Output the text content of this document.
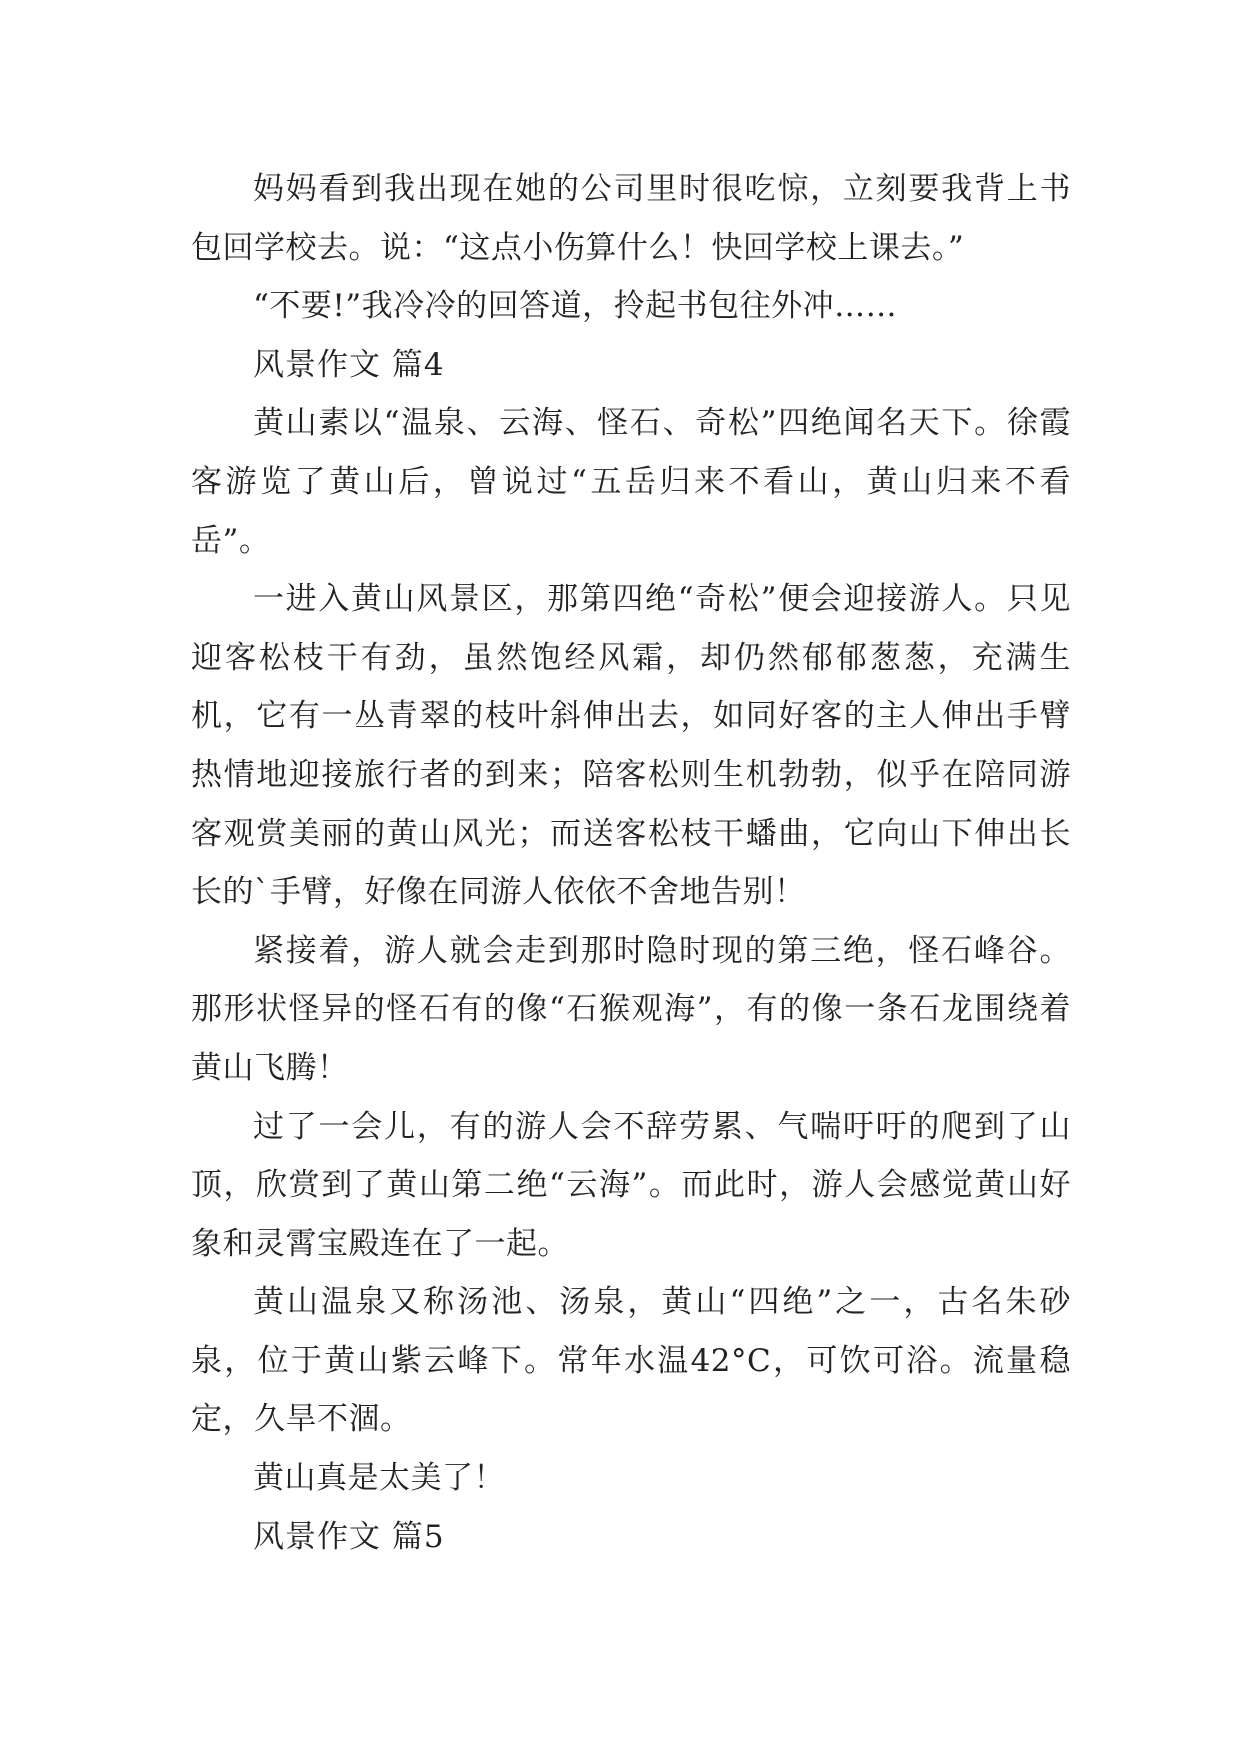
妈妈看到我出现在她的公司里时很吃惊，立刻要我背上书包回学校去。说：“这点小伤算什么！快回学校上课去。”

“不要!”我冷冷的回答道，拎起书包往外冲……

风景作文 篇4

黄山素以“温泉、云海、怪石、奇松”四绝闻名天下。徐霞客游览了黄山后，曾说过“五岳归来不看山，黄山归来不看岳”。

一进入黄山风景区，那第四绝“奇松”便会迎接游人。只见迎客松枝干有劲，虽然饱经风霜，却仍然郁郁葱葱，充满生机，它有一丛青翠的枝叶斜伸出去，如同好客的主人伸出手臂热情地迎接旅行者的到来；陪客松则生机勃勃，似乎在陪同游客观赏美丽的黄山风光；而送客松枝干蟠曲，它向山下伸出长长的`手臂，好像在同游人依依不舍地告别！

紧接着，游人就会走到那时隐时现的第三绝，怪石峰谷。那形状怪异的怪石有的像“石猴观海”，有的像一条石龙围绕着黄山飞腾！

过了一会儿，有的游人会不辞劳累、气喘吁吁的爬到了山顶，欣赏到了黄山第二绝“云海”。而此时，游人会感觉黄山好象和灵霄宝殿连在了一起。

黄山温泉又称汤池、汤泉，黄山“四绝”之一，古名朱砂泉，位于黄山紫云峰下。常年水温42°C，可饮可浴。流量稳定，久旱不涸。

黄山真是太美了！

风景作文 篇5
